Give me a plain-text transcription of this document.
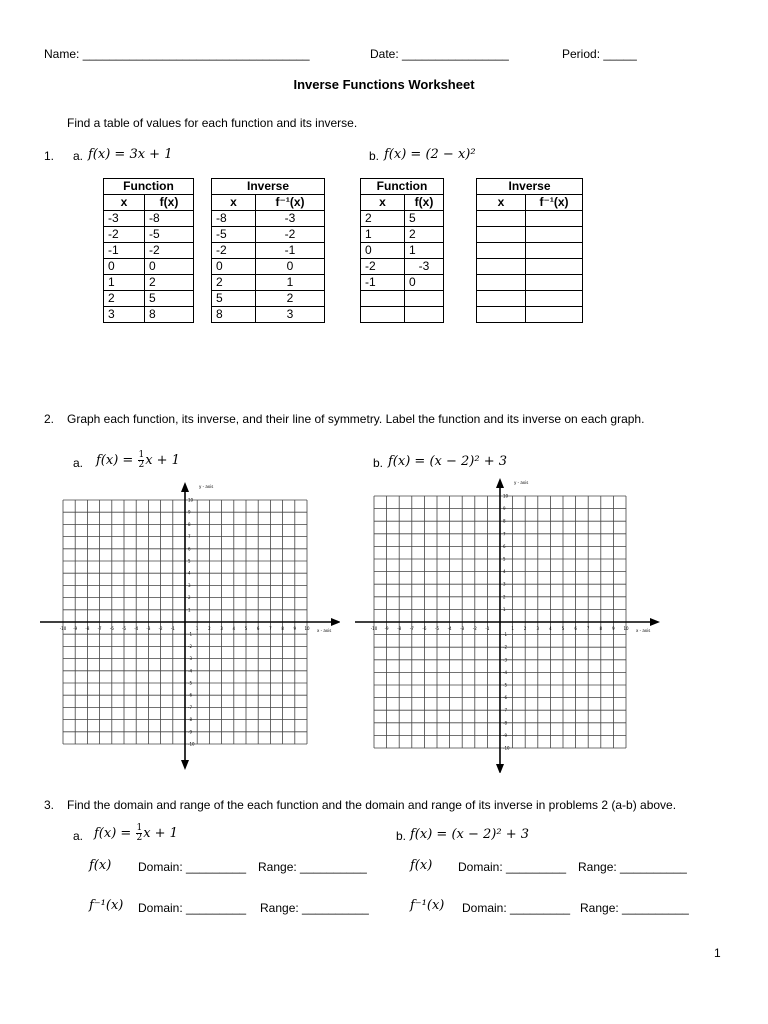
Name: __________________________________	Date: ________________	Period: _____
Inverse Functions Worksheet
Find a table of values for each function and its inverse.
1. a. f(x) = 3x + 1	b. f(x) = (2 − x)²
Function	
x	f(x)
-3	-8
-2	-5
-1	-2
0	0
1	2
2	5
3	8
Inverse	
x	f⁻¹(x)
-8	-3
-5	-2
-2	-1
0	0
2	1
5	2
8	3
Function	
x	f(x)
2	5
1	2
0	1
-2	-3
-1	0

Inverse	
x	f⁻¹(x)

2. Graph each function, its inverse, and their line of symmetry. Label the function and its inverse on each graph.
a. $f(x) = \frac{1}{2}$ x + 1	b. f(x) = (x − 2)² + 3
-10
-10
-9
-9
-8
-8
-7
-7
-6
-6
-5
-5
-4
-4
-3
-3
-2
-2
-1
-1
1
1
2
2
3
3
4
4
5
5
6
6
7
7
8
8
9
9
10
10
y - axis
x - axis	-10
-10
-9
-9
-8
-8
-7
-7
-6
-6
-5
-5
-4
-4
-3
-3
-2
-2
-1
-1
1
1
2
2
3
3
4
4
5
5
6
6
7
7
8
8
9
9
10
10
y - axis
x - axis
3. Find the domain and range of the each function and the domain and range of its inverse in problems 2 (a-b) above.
a. $f(x) = \frac{1}{2}$ x + 1	b. f(x) = (x − 2)² + 3
f(x) Domain: _________ Range: __________
f⁻¹(x) Domain: _________ Range: __________
f(x) Domain: _________ Range: __________
f⁻¹(x) Domain: _________ Range: __________
1
